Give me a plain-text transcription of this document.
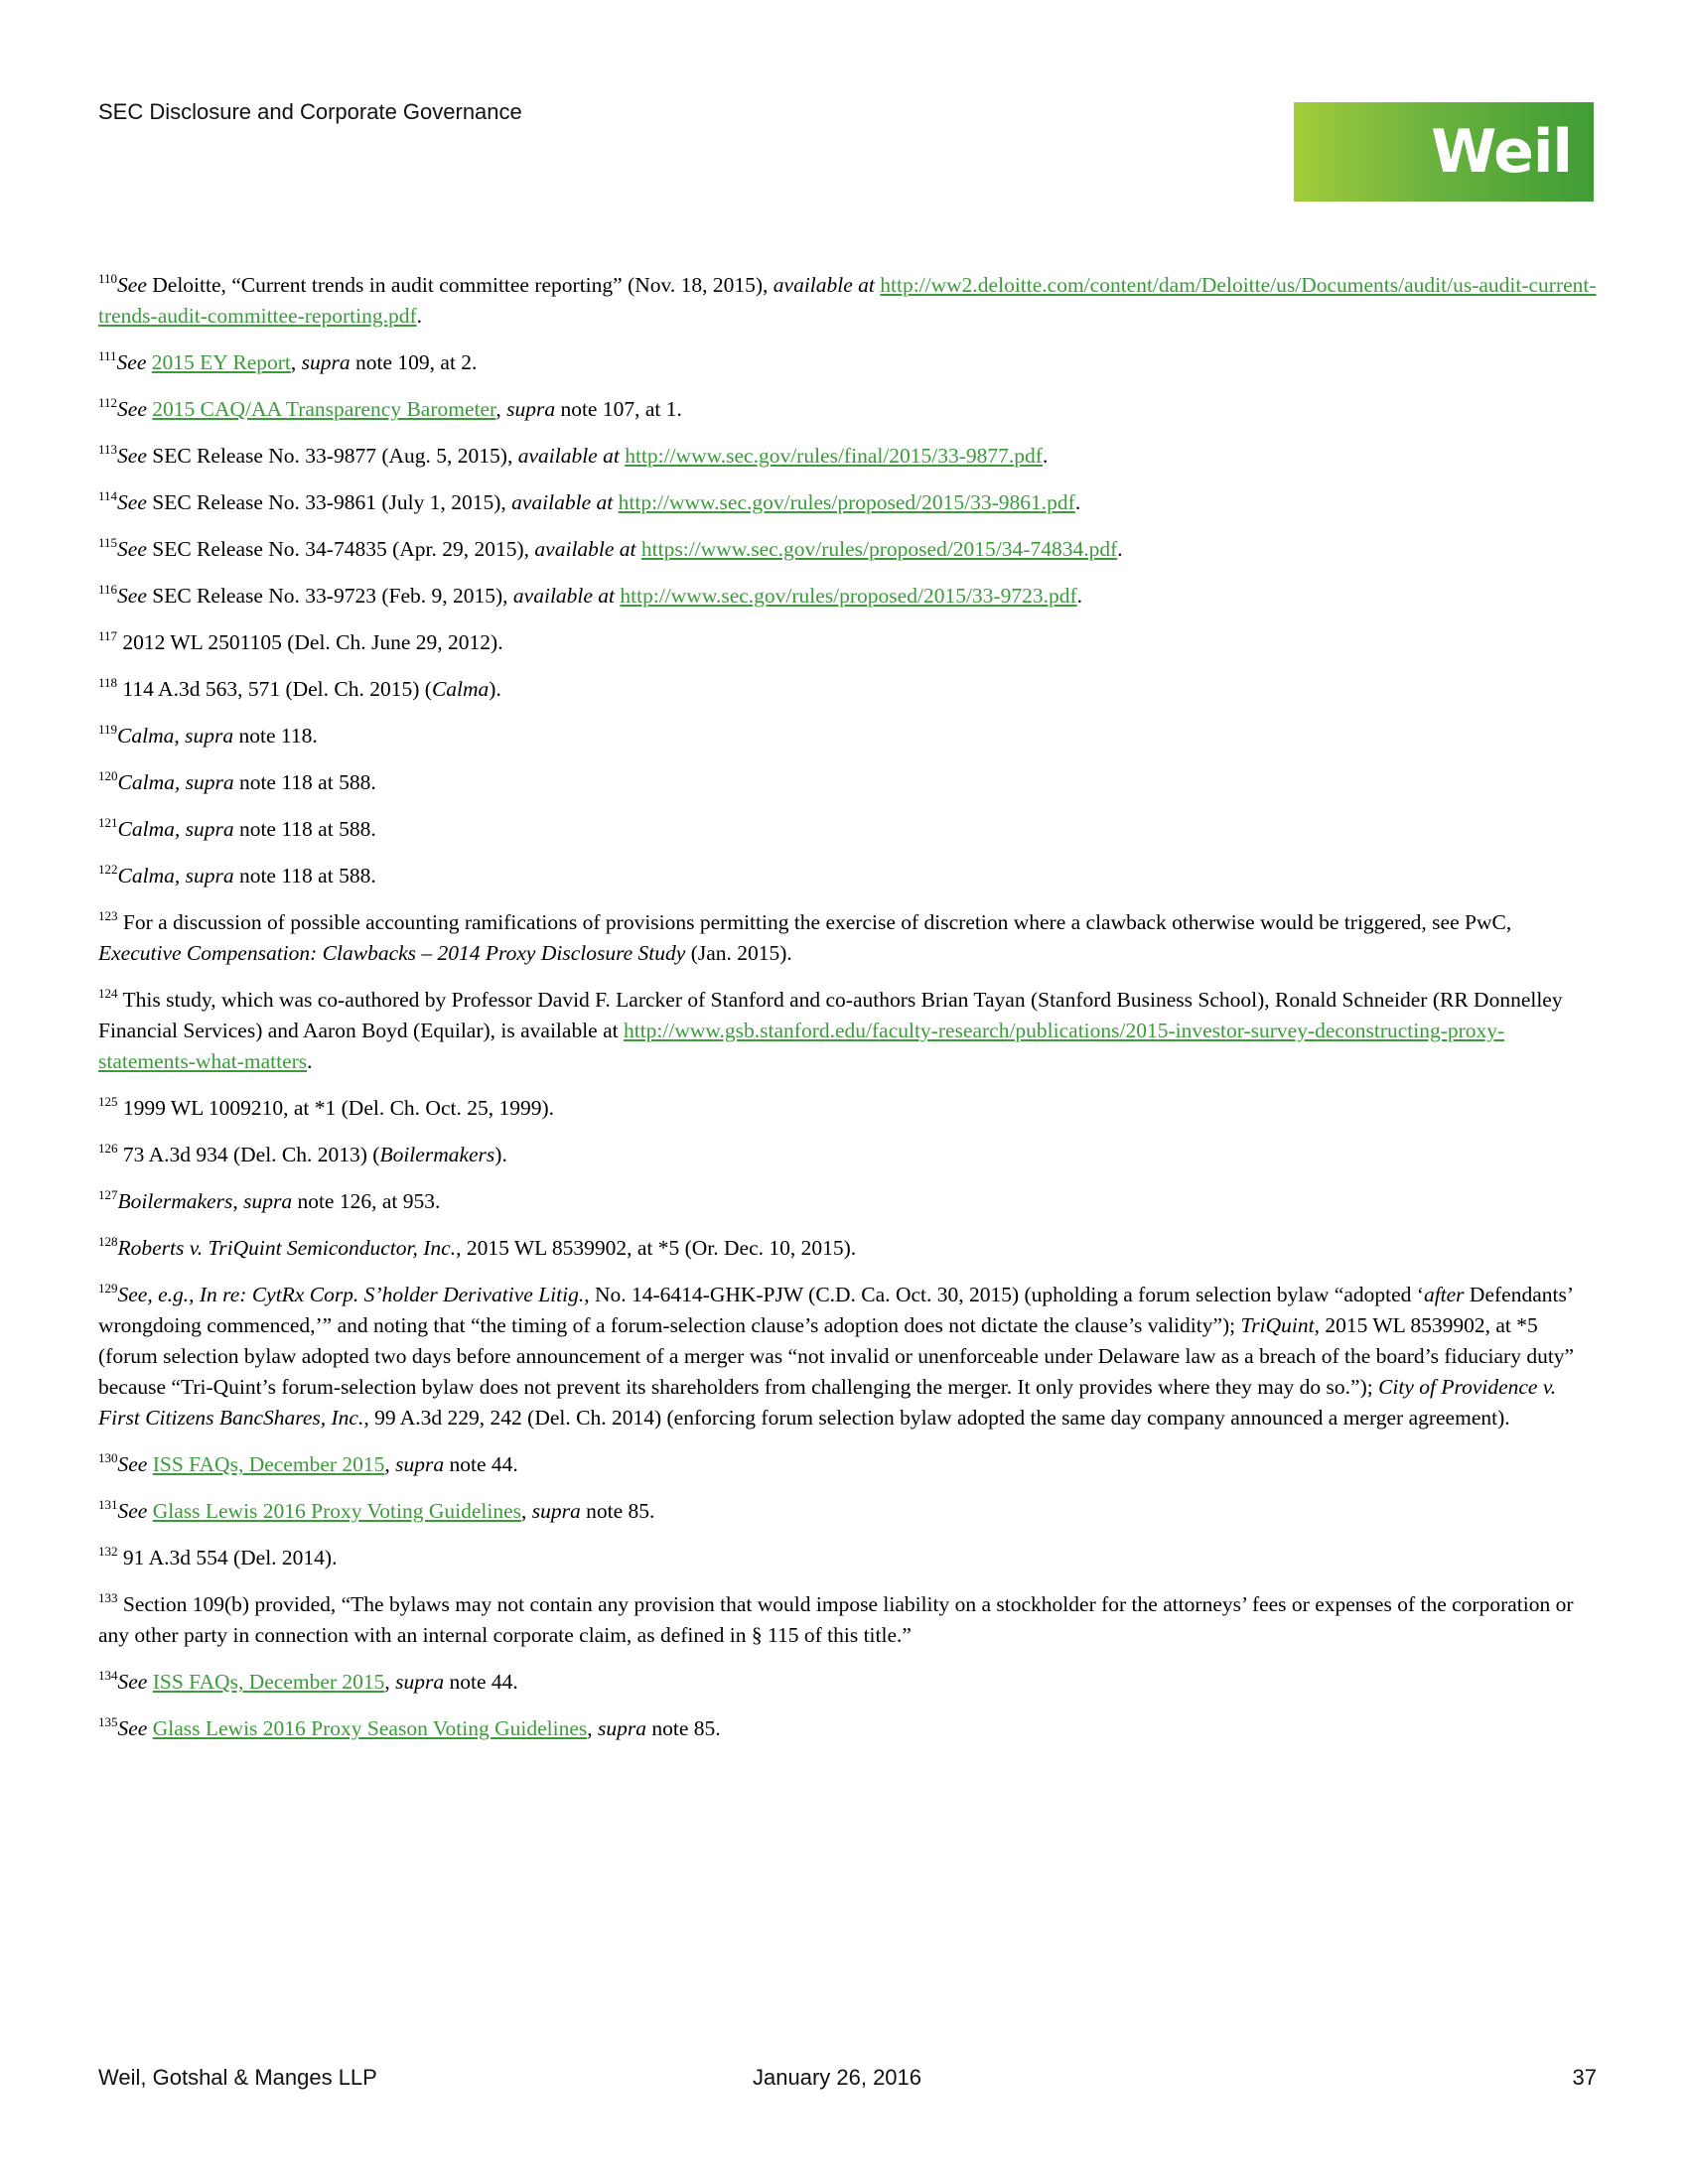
SEC Disclosure and Corporate Governance
Weil

$^{110}$See Deloitte, “Current trends in audit committee reporting” (Nov. 18, 2015), available at http://ww2.deloitte.com/content/dam/Deloitte/us/Documents/audit/us-audit-current-trends-audit-committee-reporting.pdf.

$^{111}$See 2015 EY Report, supra note 109, at 2.

$^{112}$See 2015 CAQ/AA Transparency Barometer, supra note 107, at 1.

$^{113}$See SEC Release No. 33-9877 (Aug. 5, 2015), available at http://www.sec.gov/rules/final/2015/33-9877.pdf.

$^{114}$See SEC Release No. 33-9861 (July 1, 2015), available at http://www.sec.gov/rules/proposed/2015/33-9861.pdf.

$^{115}$See SEC Release No. 34-74835 (Apr. 29, 2015), available at https://www.sec.gov/rules/proposed/2015/34-74834.pdf.

$^{116}$See SEC Release No. 33-9723 (Feb. 9, 2015), available at http://www.sec.gov/rules/proposed/2015/33-9723.pdf.

$^{117}$ 2012 WL 2501105 (Del. Ch. June 29, 2012).

$^{118}$ 114 A.3d 563, 571 (Del. Ch. 2015) (Calma).

$^{119}$Calma, supra note 118.

$^{120}$Calma, supra note 118 at 588.

$^{121}$Calma, supra note 118 at 588.

$^{122}$Calma, supra note 118 at 588.

$^{123}$ For a discussion of possible accounting ramifications of provisions permitting the exercise of discretion where a clawback otherwise would be triggered, see PwC, Executive Compensation: Clawbacks – 2014 Proxy Disclosure Study (Jan. 2015).

$^{124}$ This study, which was co-authored by Professor David F. Larcker of Stanford and co-authors Brian Tayan (Stanford Business School), Ronald Schneider (RR Donnelley Financial Services) and Aaron Boyd (Equilar), is available at http://www.gsb.stanford.edu/faculty-research/publications/2015-investor-survey-deconstructing-proxy-statements-what-matters.

$^{125}$ 1999 WL 1009210, at *1 (Del. Ch. Oct. 25, 1999).

$^{126}$ 73 A.3d 934 (Del. Ch. 2013) (Boilermakers).

$^{127}$Boilermakers, supra note 126, at 953.

$^{128}$Roberts v. TriQuint Semiconductor, Inc., 2015 WL 8539902, at *5 (Or. Dec. 10, 2015).

$^{129}$See, e.g., In re: CytRx Corp. S’holder Derivative Litig., No. 14-6414-GHK-PJW (C.D. Ca. Oct. 30, 2015) (upholding a forum selection bylaw “adopted ‘after Defendants’ wrongdoing commenced,’” and noting that “the timing of a forum-selection clause’s adoption does not dictate the clause’s validity”); TriQuint, 2015 WL 8539902, at *5 (forum selection bylaw adopted two days before announcement of a merger was “not invalid or unenforceable under Delaware law as a breach of the board’s fiduciary duty” because “Tri-Quint’s forum-selection bylaw does not prevent its shareholders from challenging the merger. It only provides where they may do so.”); City of Providence v. First Citizens BancShares, Inc., 99 A.3d 229, 242 (Del. Ch. 2014) (enforcing forum selection bylaw adopted the same day company announced a merger agreement).

$^{130}$See ISS FAQs, December 2015, supra note 44.

$^{131}$See Glass Lewis 2016 Proxy Voting Guidelines, supra note 85.

$^{132}$ 91 A.3d 554 (Del. 2014).

$^{133}$ Section 109(b) provided, “The bylaws may not contain any provision that would impose liability on a stockholder for the attorneys’ fees or expenses of the corporation or any other party in connection with an internal corporate claim, as defined in § 115 of this title.”

$^{134}$See ISS FAQs, December 2015, supra note 44.

$^{135}$See Glass Lewis 2016 Proxy Season Voting Guidelines, supra note 85.

Weil, Gotshal & Manges LLP	January 26, 2016	37
